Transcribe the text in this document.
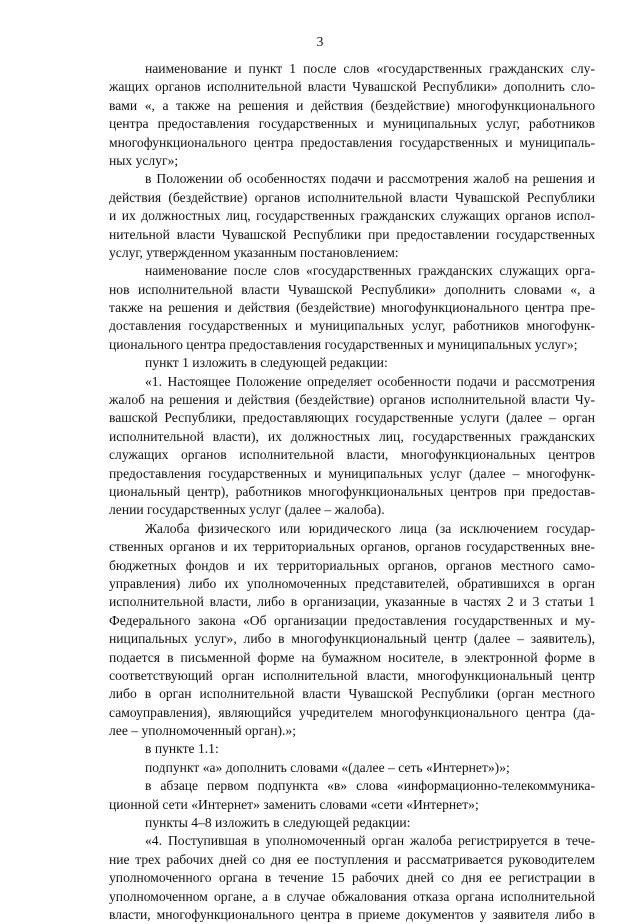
3
наименование и пункт 1 после слов «государственных гражданских слу-
жащих органов исполнительной власти Чувашской Республики» дополнить сло-
вами «, а также на решения и действия (бездействие) многофункционального
центра предоставления государственных и муниципальных услуг, работников
многофункционального центра предоставления государственных и муниципаль-
ных услуг»;
в Положении об особенностях подачи и рассмотрения жалоб на решения и
действия (бездействие) органов исполнительной власти Чувашской Республики
и их должностных лиц, государственных гражданских служащих органов испол-
нительной власти Чувашской Республики при предоставлении государственных
услуг, утвержденном указанным постановлением:
наименование после слов «государственных гражданских служащих орга-
нов исполнительной власти Чувашской Республики» дополнить словами «, а
также на решения и действия (бездействие) многофункционального центра пре-
доставления государственных и муниципальных услуг, работников многофунк-
ционального центра предоставления государственных и муниципальных услуг»;
пункт 1 изложить в следующей редакции:
«1. Настоящее Положение определяет особенности подачи и рассмотрения
жалоб на решения и действия (бездействие) органов исполнительной власти Чу-
вашской Республики, предоставляющих государственные услуги (далее – орган
исполнительной власти), их должностных лиц, государственных гражданских
служащих органов исполнительной власти, многофункциональных центров
предоставления государственных и муниципальных услуг (далее – многофунк-
циональный центр), работников многофункциональных центров при предостав-
лении государственных услуг (далее – жалоба).
Жалоба физического или юридического лица (за исключением государ-
ственных органов и их территориальных органов, органов государственных вне-
бюджетных фондов и их территориальных органов, органов местного само-
управления) либо их уполномоченных представителей, обратившихся в орган
исполнительной власти, либо в организации, указанные в частях 2 и 3 статьи 1
Федерального закона «Об организации предоставления государственных и му-
ниципальных услуг», либо в многофункциональный центр (далее – заявитель),
подается в письменной форме на бумажном носителе, в электронной форме в
соответствующий орган исполнительной власти, многофункциональный центр
либо в орган исполнительной власти Чувашской Республики (орган местного
самоуправления), являющийся учредителем многофункционального центра (да-
лее – уполномоченный орган).»;
в пункте 1.1:
подпункт «а» дополнить словами «(далее – сеть «Интернет»)»;
в абзаце первом подпункта «в» слова «информационно-телекоммуника-
ционной сети «Интернет» заменить словами «сети «Интернет»;
пункты 4–8 изложить в следующей редакции:
«4. Поступившая в уполномоченный орган жалоба регистрируется в тече-
ние трех рабочих дней со дня ее поступления и рассматривается руководителем
уполномоченного органа в течение 15 рабочих дней со дня ее регистрации в
уполномоченном органе, а в случае обжалования отказа органа исполнительной
власти, многофункционального центра в приеме документов у заявителя либо в
